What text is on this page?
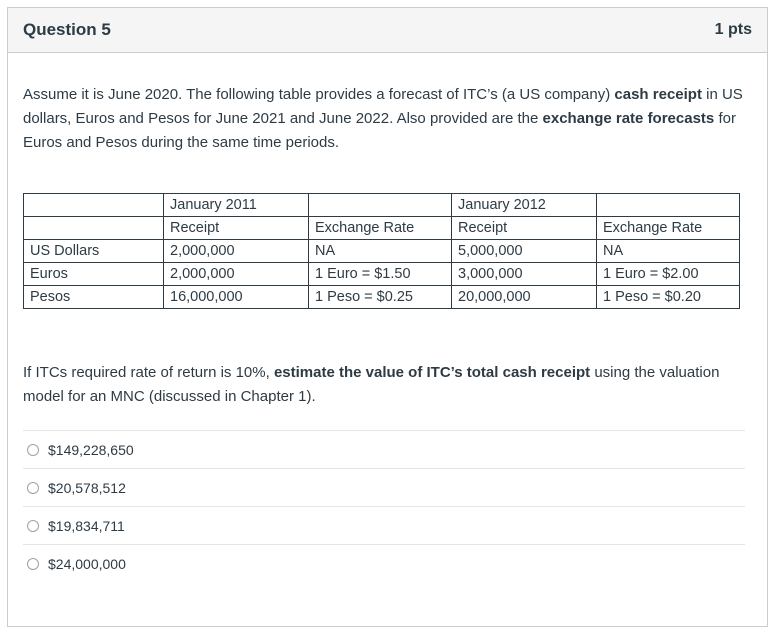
Question 5	1 pts

Assume it is June 2020. The following table provides a forecast of ITC’s (a US company) cash receipt in US dollars, Euros and Pesos for June 2021 and June 2022. Also provided are the exchange rate forecasts for Euros and Pesos during the same time periods.

	January 2011		January 2012	
	Receipt	Exchange Rate	Receipt	Exchange Rate
US Dollars	2,000,000	NA	5,000,000	NA
Euros	2,000,000	1 Euro = $1.50	3,000,000	1 Euro = $2.00
Pesos	16,000,000	1 Peso = $0.25	20,000,000	1 Peso = $0.20

If ITCs required rate of return is 10%, estimate the value of ITC’s total cash receipt using the valuation model for an MNC (discussed in Chapter 1).

$149,228,650
$20,578,512
$19,834,711
$24,000,000
